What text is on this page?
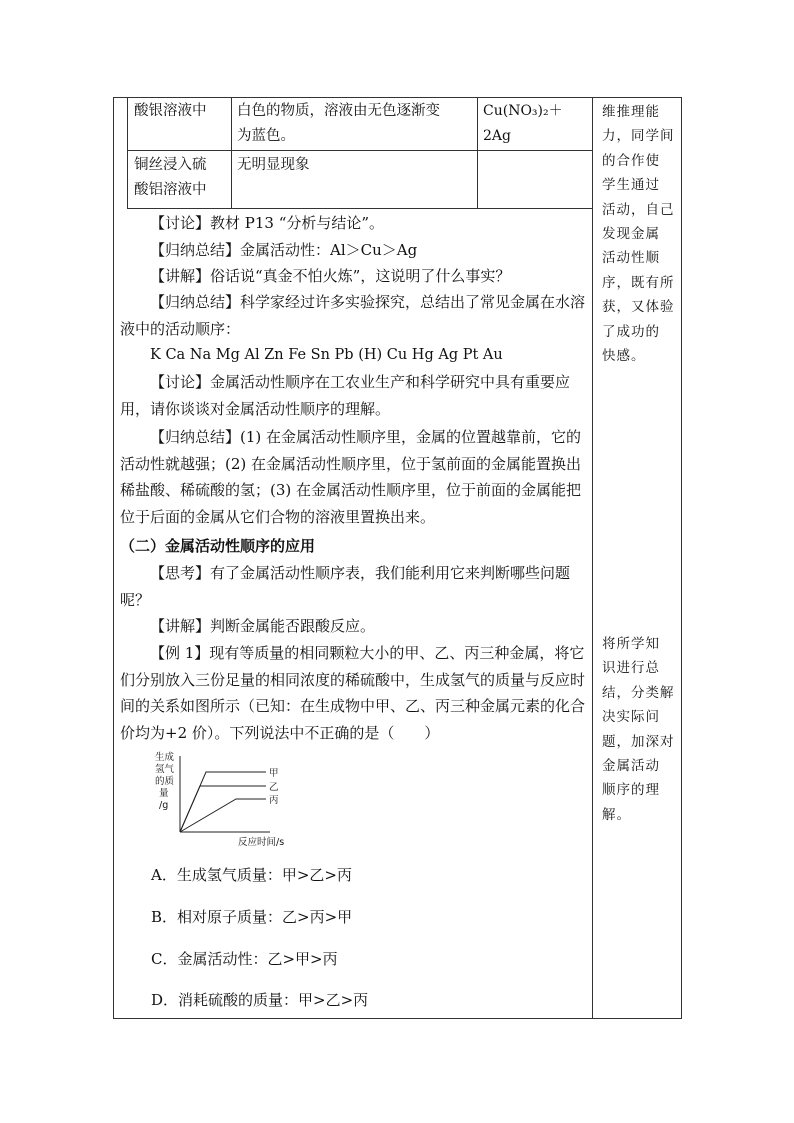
维推理能
力，同学间
的合作使
学生通过
活动，自己
发现金属
活动性顺
序，既有所
获，又体验
了成功的
快感。
将所学知
识进行总
结，分类解
决实际问
题，加深对
金属活动
顺序的理
解。
酸银溶液中 白色的物质，溶液由无色逐渐变
为蓝色。
Cu(NO₃)₂＋
2Ag
铜丝浸入硫
酸铝溶液中
无明显现象
【讨论】教材 P13 “分析与结论”。
【归纳总结】金属活动性：Al＞Cu＞Ag
【讲解】俗话说“真金不怕火炼”，这说明了什么事实？
【归纳总结】科学家经过许多实验探究，总结出了常见金属在水溶液中的活动顺序：
K Ca Na Mg Al Zn Fe Sn Pb (H) Cu Hg Ag Pt Au
【讨论】金属活动性顺序在工农业生产和科学研究中具有重要应用，请你谈谈对金属活动性顺序的理解。
【归纳总结】(1) 在金属活动性顺序里，金属的位置越靠前，它的活动性就越强；(2) 在金属活动性顺序里，位于氢前面的金属能置换出稀盐酸、稀硫酸的氢；(3) 在金属活动性顺序里，位于前面的金属能把位于后面的金属从它们合物的溶液里置换出来。
（二）金属活动性顺序的应用
【思考】有了金属活动性顺序表，我们能利用它来判断哪些问题呢？
【讲解】判断金属能否跟酸反应。
【例 1】现有等质量的相同颗粒大小的甲、乙、丙三种金属，将它们分别放入三份足量的相同浓度的稀硫酸中，生成氢气的质量与反应时间的关系如图所示（已知：在生成物中甲、乙、丙三种金属元素的化合价均为+2 价）。下列说法中不正确的是（　　）
生成
氢气
的质
量
/g
甲
乙
丙
反应时间/s
A．生成氢气质量：甲>乙>丙
B．相对原子质量：乙>丙>甲
C．金属活动性：乙>甲>丙
D．消耗硫酸的质量：甲>乙>丙
